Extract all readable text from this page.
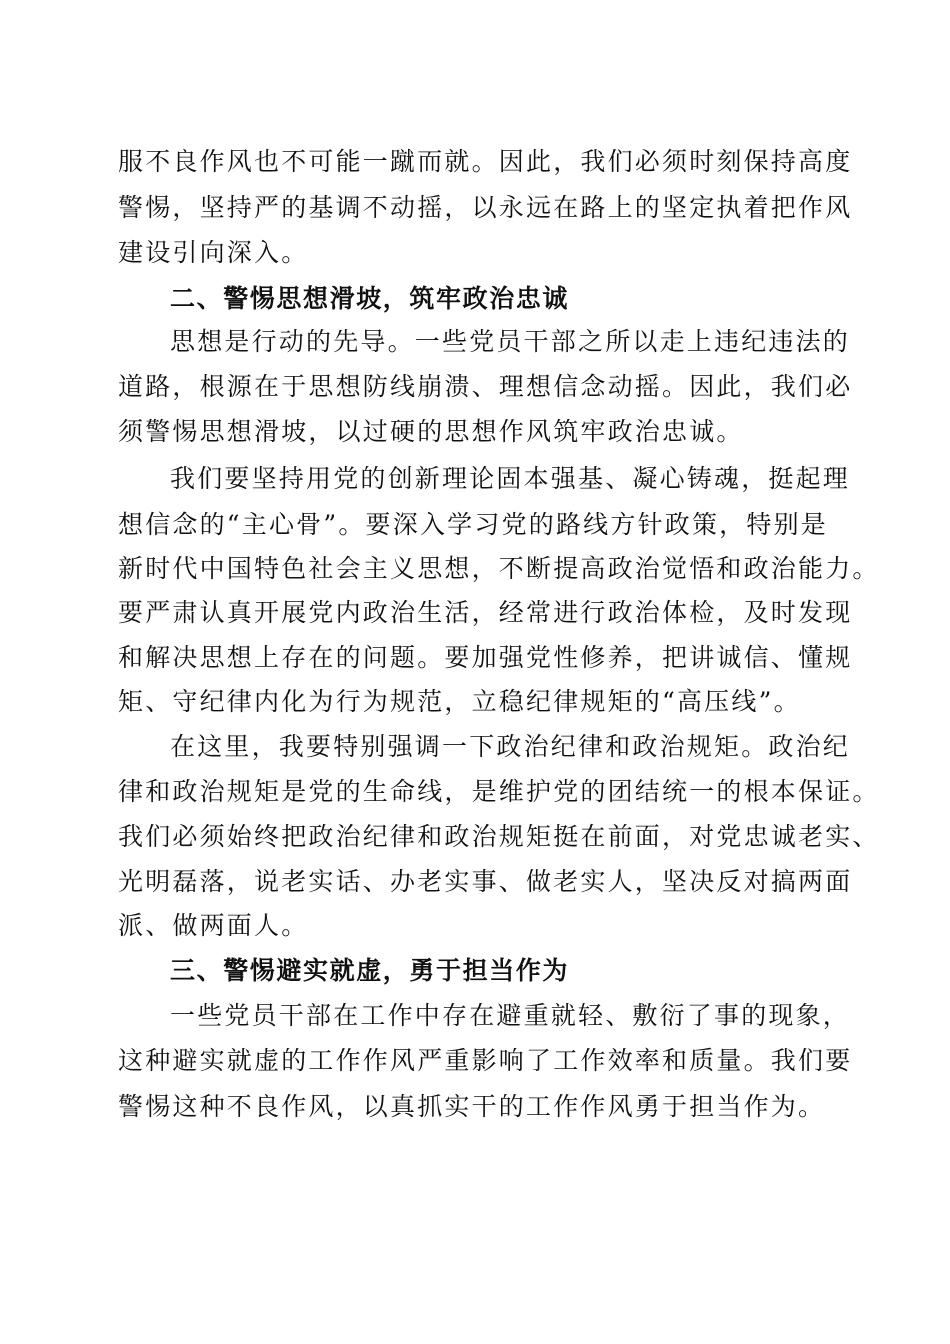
服不良作风也不可能一蹴而就。因此，我们必须时刻保持高度
警惕，坚持严的基调不动摇，以永远在路上的坚定执着把作风
建设引向深入。
二、警惕思想滑坡，筑牢政治忠诚
思想是行动的先导。一些党员干部之所以走上违纪违法的
道路，根源在于思想防线崩溃、理想信念动摇。因此，我们必
须警惕思想滑坡，以过硬的思想作风筑牢政治忠诚。
我们要坚持用党的创新理论固本强基、凝心铸魂，挺起理
想信念的“主心骨”。要深入学习党的路线方针政策，特别是
新时代中国特色社会主义思想，不断提高政治觉悟和政治能力。
要严肃认真开展党内政治生活，经常进行政治体检，及时发现
和解决思想上存在的问题。要加强党性修养，把讲诚信、懂规
矩、守纪律内化为行为规范，立稳纪律规矩的“高压线”。
在这里，我要特别强调一下政治纪律和政治规矩。政治纪
律和政治规矩是党的生命线，是维护党的团结统一的根本保证。
我们必须始终把政治纪律和政治规矩挺在前面，对党忠诚老实、
光明磊落，说老实话、办老实事、做老实人，坚决反对搞两面
派、做两面人。
三、警惕避实就虚，勇于担当作为
一些党员干部在工作中存在避重就轻、敷衍了事的现象，
这种避实就虚的工作作风严重影响了工作效率和质量。我们要
警惕这种不良作风，以真抓实干的工作作风勇于担当作为。
